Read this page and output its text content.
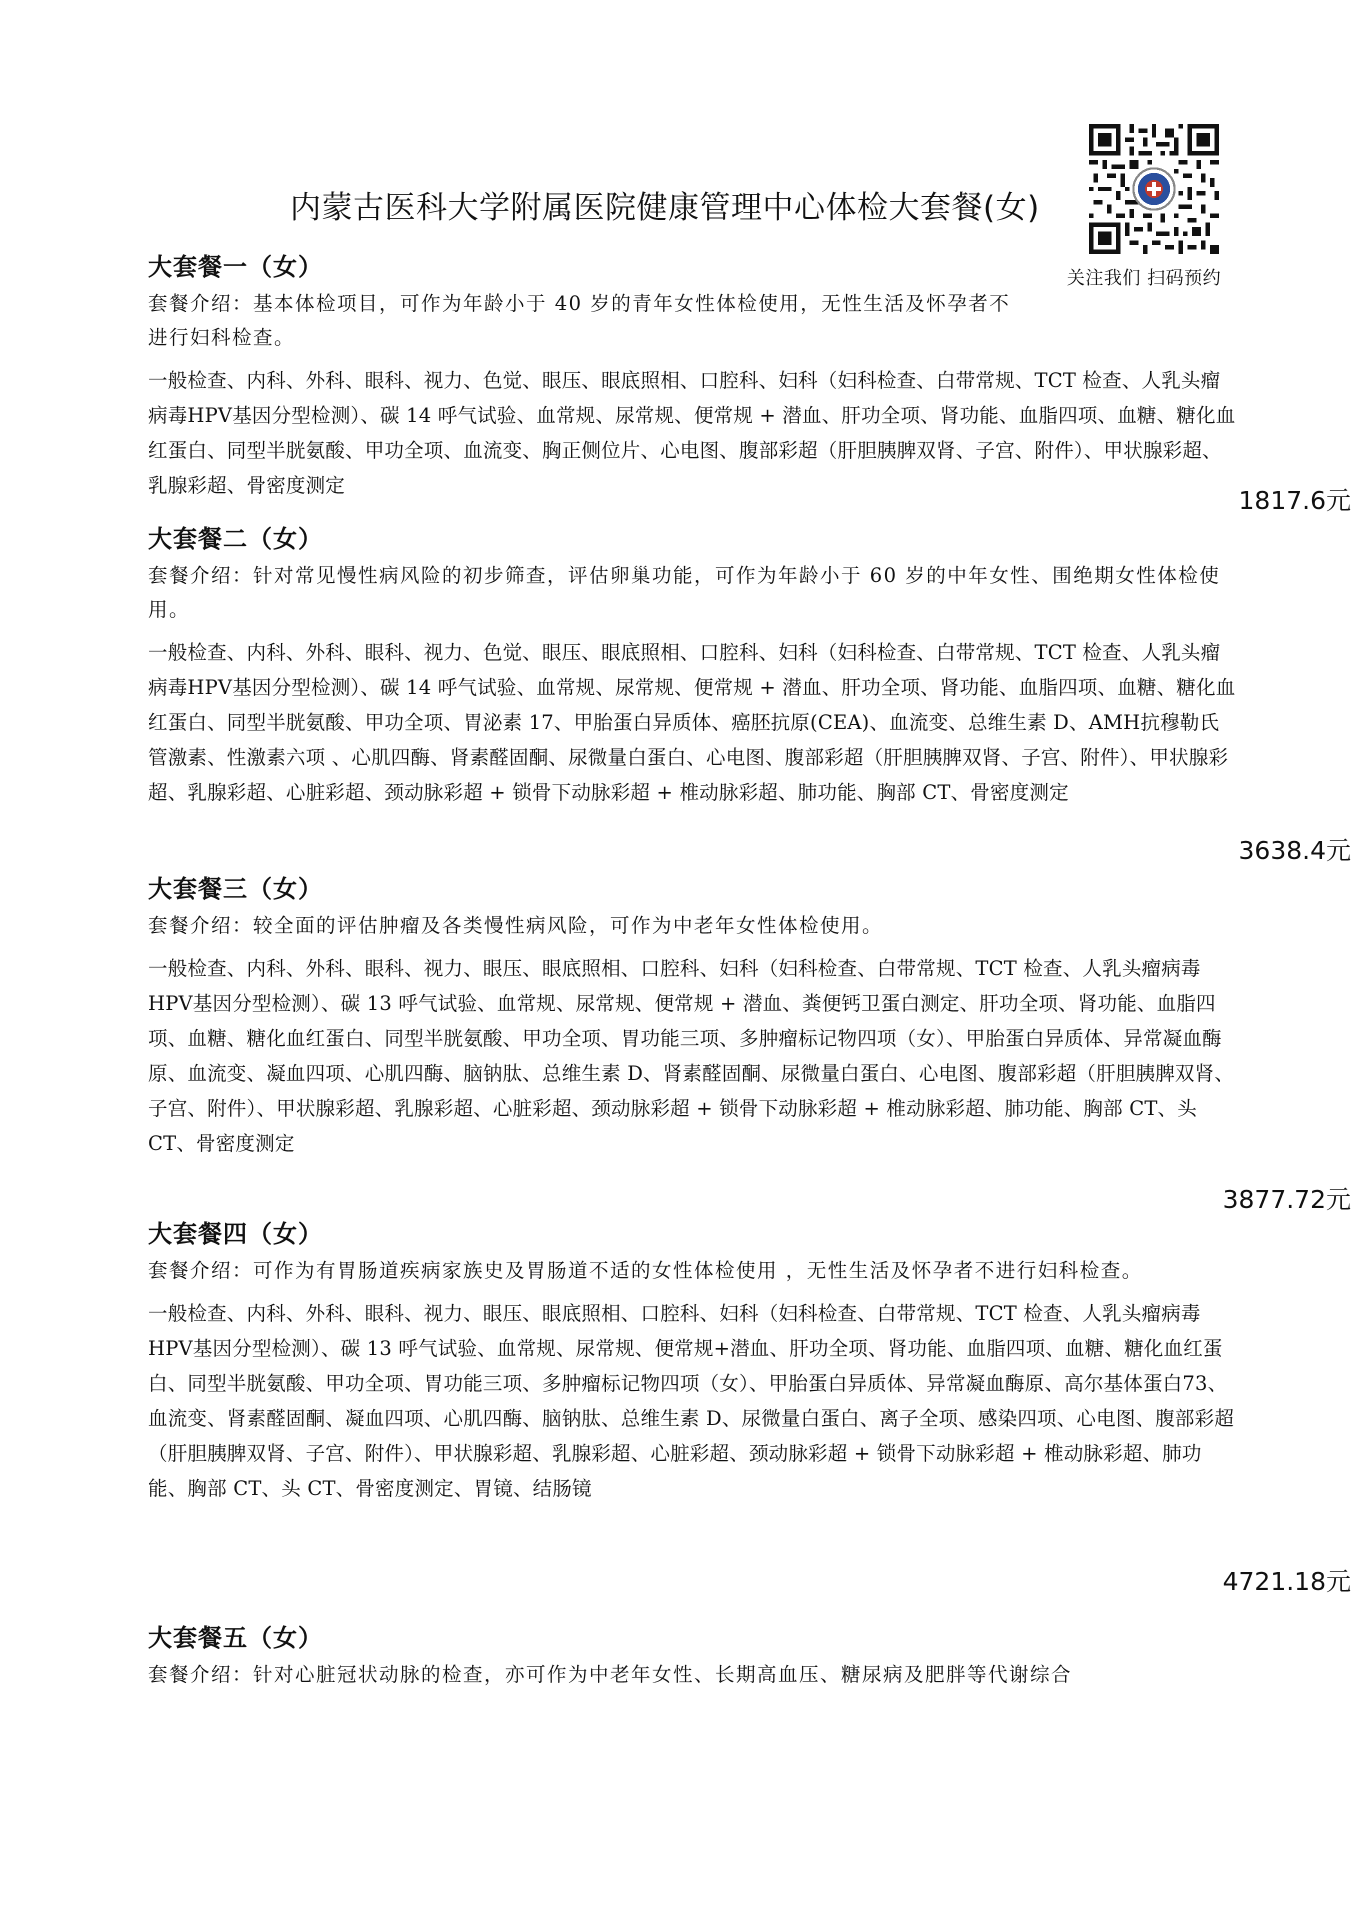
关注我们 扫码预约
内蒙古医科大学附属医院健康管理中心体检大套餐(女)
大套餐一（女）
套餐介绍：基本体检项目，可作为年龄小于 40 岁的青年女性体检使用，无性生活及怀孕者不进行妇科检查。
一般检查、内科、外科、眼科、视力、色觉、眼压、眼底照相、口腔科、妇科（妇科检查、白带常规、TCT 检查、人乳头瘤病毒HPV基因分型检测）、碳 14 呼气试验、血常规、尿常规、便常规 + 潜血、肝功全项、肾功能、血脂四项、血糖、糖化血红蛋白、同型半胱氨酸、甲功全项、血流变、胸正侧位片、心电图、腹部彩超（肝胆胰脾双肾、子宫、附件）、甲状腺彩超、乳腺彩超、骨密度测定
1817.6元
大套餐二（女）
套餐介绍：针对常见慢性病风险的初步筛查，评估卵巢功能，可作为年龄小于 60 岁的中年女性、围绝期女性体检使用。
一般检查、内科、外科、眼科、视力、色觉、眼压、眼底照相、口腔科、妇科（妇科检查、白带常规、TCT 检查、人乳头瘤病毒HPV基因分型检测）、碳 14 呼气试验、血常规、尿常规、便常规 + 潜血、肝功全项、肾功能、血脂四项、血糖、糖化血红蛋白、同型半胱氨酸、甲功全项、胃泌素 17、甲胎蛋白异质体、癌胚抗原(CEA)、血流变、总维生素 D、AMH抗穆勒氏管激素、性激素六项 、心肌四酶、肾素醛固酮、尿微量白蛋白、心电图、腹部彩超（肝胆胰脾双肾、子宫、附件）、甲状腺彩超、乳腺彩超、心脏彩超、颈动脉彩超 + 锁骨下动脉彩超 + 椎动脉彩超、肺功能、胸部 CT、骨密度测定
3638.4元
大套餐三（女）
套餐介绍：较全面的评估肿瘤及各类慢性病风险，可作为中老年女性体检使用。
一般检查、内科、外科、眼科、视力、眼压、眼底照相、口腔科、妇科（妇科检查、白带常规、TCT 检查、人乳头瘤病毒HPV基因分型检测）、碳 13 呼气试验、血常规、尿常规、便常规 + 潜血、粪便钙卫蛋白测定、肝功全项、肾功能、血脂四项、血糖、糖化血红蛋白、同型半胱氨酸、甲功全项、胃功能三项、多肿瘤标记物四项（女）、甲胎蛋白异质体、异常凝血酶原、血流变、凝血四项、心肌四酶、脑钠肽、总维生素 D、肾素醛固酮、尿微量白蛋白、心电图、腹部彩超（肝胆胰脾双肾、子宫、附件）、甲状腺彩超、乳腺彩超、心脏彩超、颈动脉彩超 + 锁骨下动脉彩超 + 椎动脉彩超、肺功能、胸部 CT、头 CT、骨密度测定
3877.72元
大套餐四（女）
套餐介绍：可作为有胃肠道疾病家族史及胃肠道不适的女性体检使用 ，无性生活及怀孕者不进行妇科检查。
一般检查、内科、外科、眼科、视力、眼压、眼底照相、口腔科、妇科（妇科检查、白带常规、TCT 检查、人乳头瘤病毒HPV基因分型检测）、碳 13 呼气试验、血常规、尿常规、便常规+潜血、肝功全项、肾功能、血脂四项、血糖、糖化血红蛋白、同型半胱氨酸、甲功全项、胃功能三项、多肿瘤标记物四项（女）、甲胎蛋白异质体、异常凝血酶原、高尔基体蛋白73、血流变、肾素醛固酮、凝血四项、心肌四酶、脑钠肽、总维生素 D、尿微量白蛋白、离子全项、感染四项、心电图、腹部彩超（肝胆胰脾双肾、子宫、附件）、甲状腺彩超、乳腺彩超、心脏彩超、颈动脉彩超 + 锁骨下动脉彩超 + 椎动脉彩超、肺功能、胸部 CT、头 CT、骨密度测定、胃镜、结肠镜
4721.18元
大套餐五（女）
套餐介绍：针对心脏冠状动脉的检查，亦可作为中老年女性、长期高血压、糖尿病及肥胖等代谢综合
